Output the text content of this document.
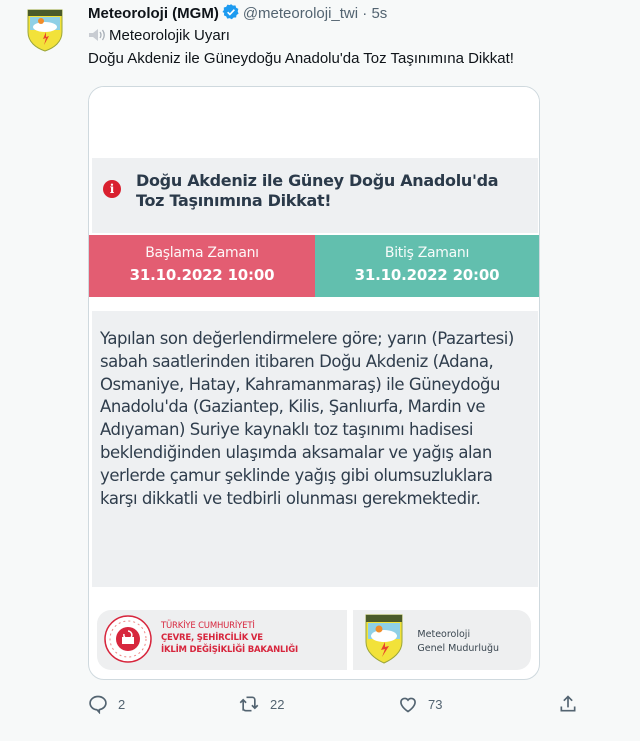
Meteoroloji (MGM) @meteoroloji_twi · 5s
Meteorolojik Uyarı
Doğu Akdeniz ile Güneydoğu Anadolu'da Toz Taşınımına Dikkat!
i	Doğu Akdeniz ile Güney Doğu Anadolu'da Toz Taşınımına Dikkat!
Başlama Zamanı
31.10.2022 10:00
Bitiş Zamanı
31.10.2022 20:00
Yapılan son değerlendirmelere göre; yarın (Pazartesi) sabah saatlerinden itibaren Doğu Akdeniz (Adana, Osmaniye, Hatay, Kahramanmaraş) ile Güneydoğu Anadolu'da (Gaziantep, Kilis, Şanlıurfa, Mardin ve Adıyaman) Suriye kaynaklı toz taşınımı hadisesi beklendiğinden ulaşımda aksamalar ve yağış alan yerlerde çamur şeklinde yağış gibi olumsuzluklara karşı dikkatli ve tedbirli olunması gerekmektedir.
TÜRKİYE CUMHURİYETİ
ÇEVRE, ŞEHİRCİLİK VE
İKLİM DEĞİŞİKLİĞİ BAKANLIĞI
Meteoroloji
Genel Mudurluğu
2	22	73
